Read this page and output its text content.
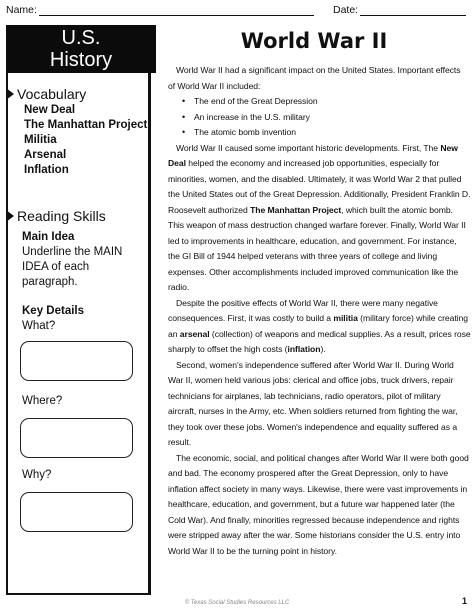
Name:	Date:
U.S.
History
World War II
Vocabulary
New Deal
The Manhattan Project
Militia
Arsenal
Inflation
Reading Skills
Main Idea
Underline the MAIN
IDEA of each
paragraph.
Key Details
What?
Where?
Why?
World War II had a significant impact on the United States. Important effects
of World War II included:
• The end of the Great Depression
• An increase in the U.S. military
• The atomic bomb invention
World War II caused some important historic developments. First, The New
Deal helped the economy and increased job opportunities, especially for
minorities, women, and the disabled. Ultimately, it was World War 2 that pulled
the United States out of the Great Depression. Additionally, President Franklin D.
Roosevelt authorized The Manhattan Project, which built the atomic bomb.
This weapon of mass destruction changed warfare forever. Finally, World War II
led to improvements in healthcare, education, and government. For instance,
the GI Bill of 1944 helped veterans with three years of college and living
expenses. Other accomplishments included improved communication like the
radio.
Despite the positive effects of World War II, there were many negative
consequences. First, it was costly to build a militia (military force) while creating
an arsenal (collection) of weapons and medical supplies. As a result, prices rose
sharply to offset the high costs (inflation).
Second, women's independence suffered after World War II. During World
War II, women held various jobs: clerical and office jobs, truck drivers, repair
technicians for airplanes, lab technicians, radio operators, pilot of military
aircraft, nurses in the Army, etc. When soldiers returned from fighting the war,
they took over these jobs. Women's independence and equality suffered as a
result.
The economic, social, and political changes after World War II were both good
and bad. The economy prospered after the Great Depression, only to have
inflation affect society in many ways. Likewise, there were vast improvements in
healthcare, education, and government, but a future war happened later (the
Cold War). And finally, minorities regressed because independence and rights
were stripped away after the war. Some historians consider the U.S. entry into
World War II to be the turning point in history.
© Texas Social Studies Resources LLC	1
